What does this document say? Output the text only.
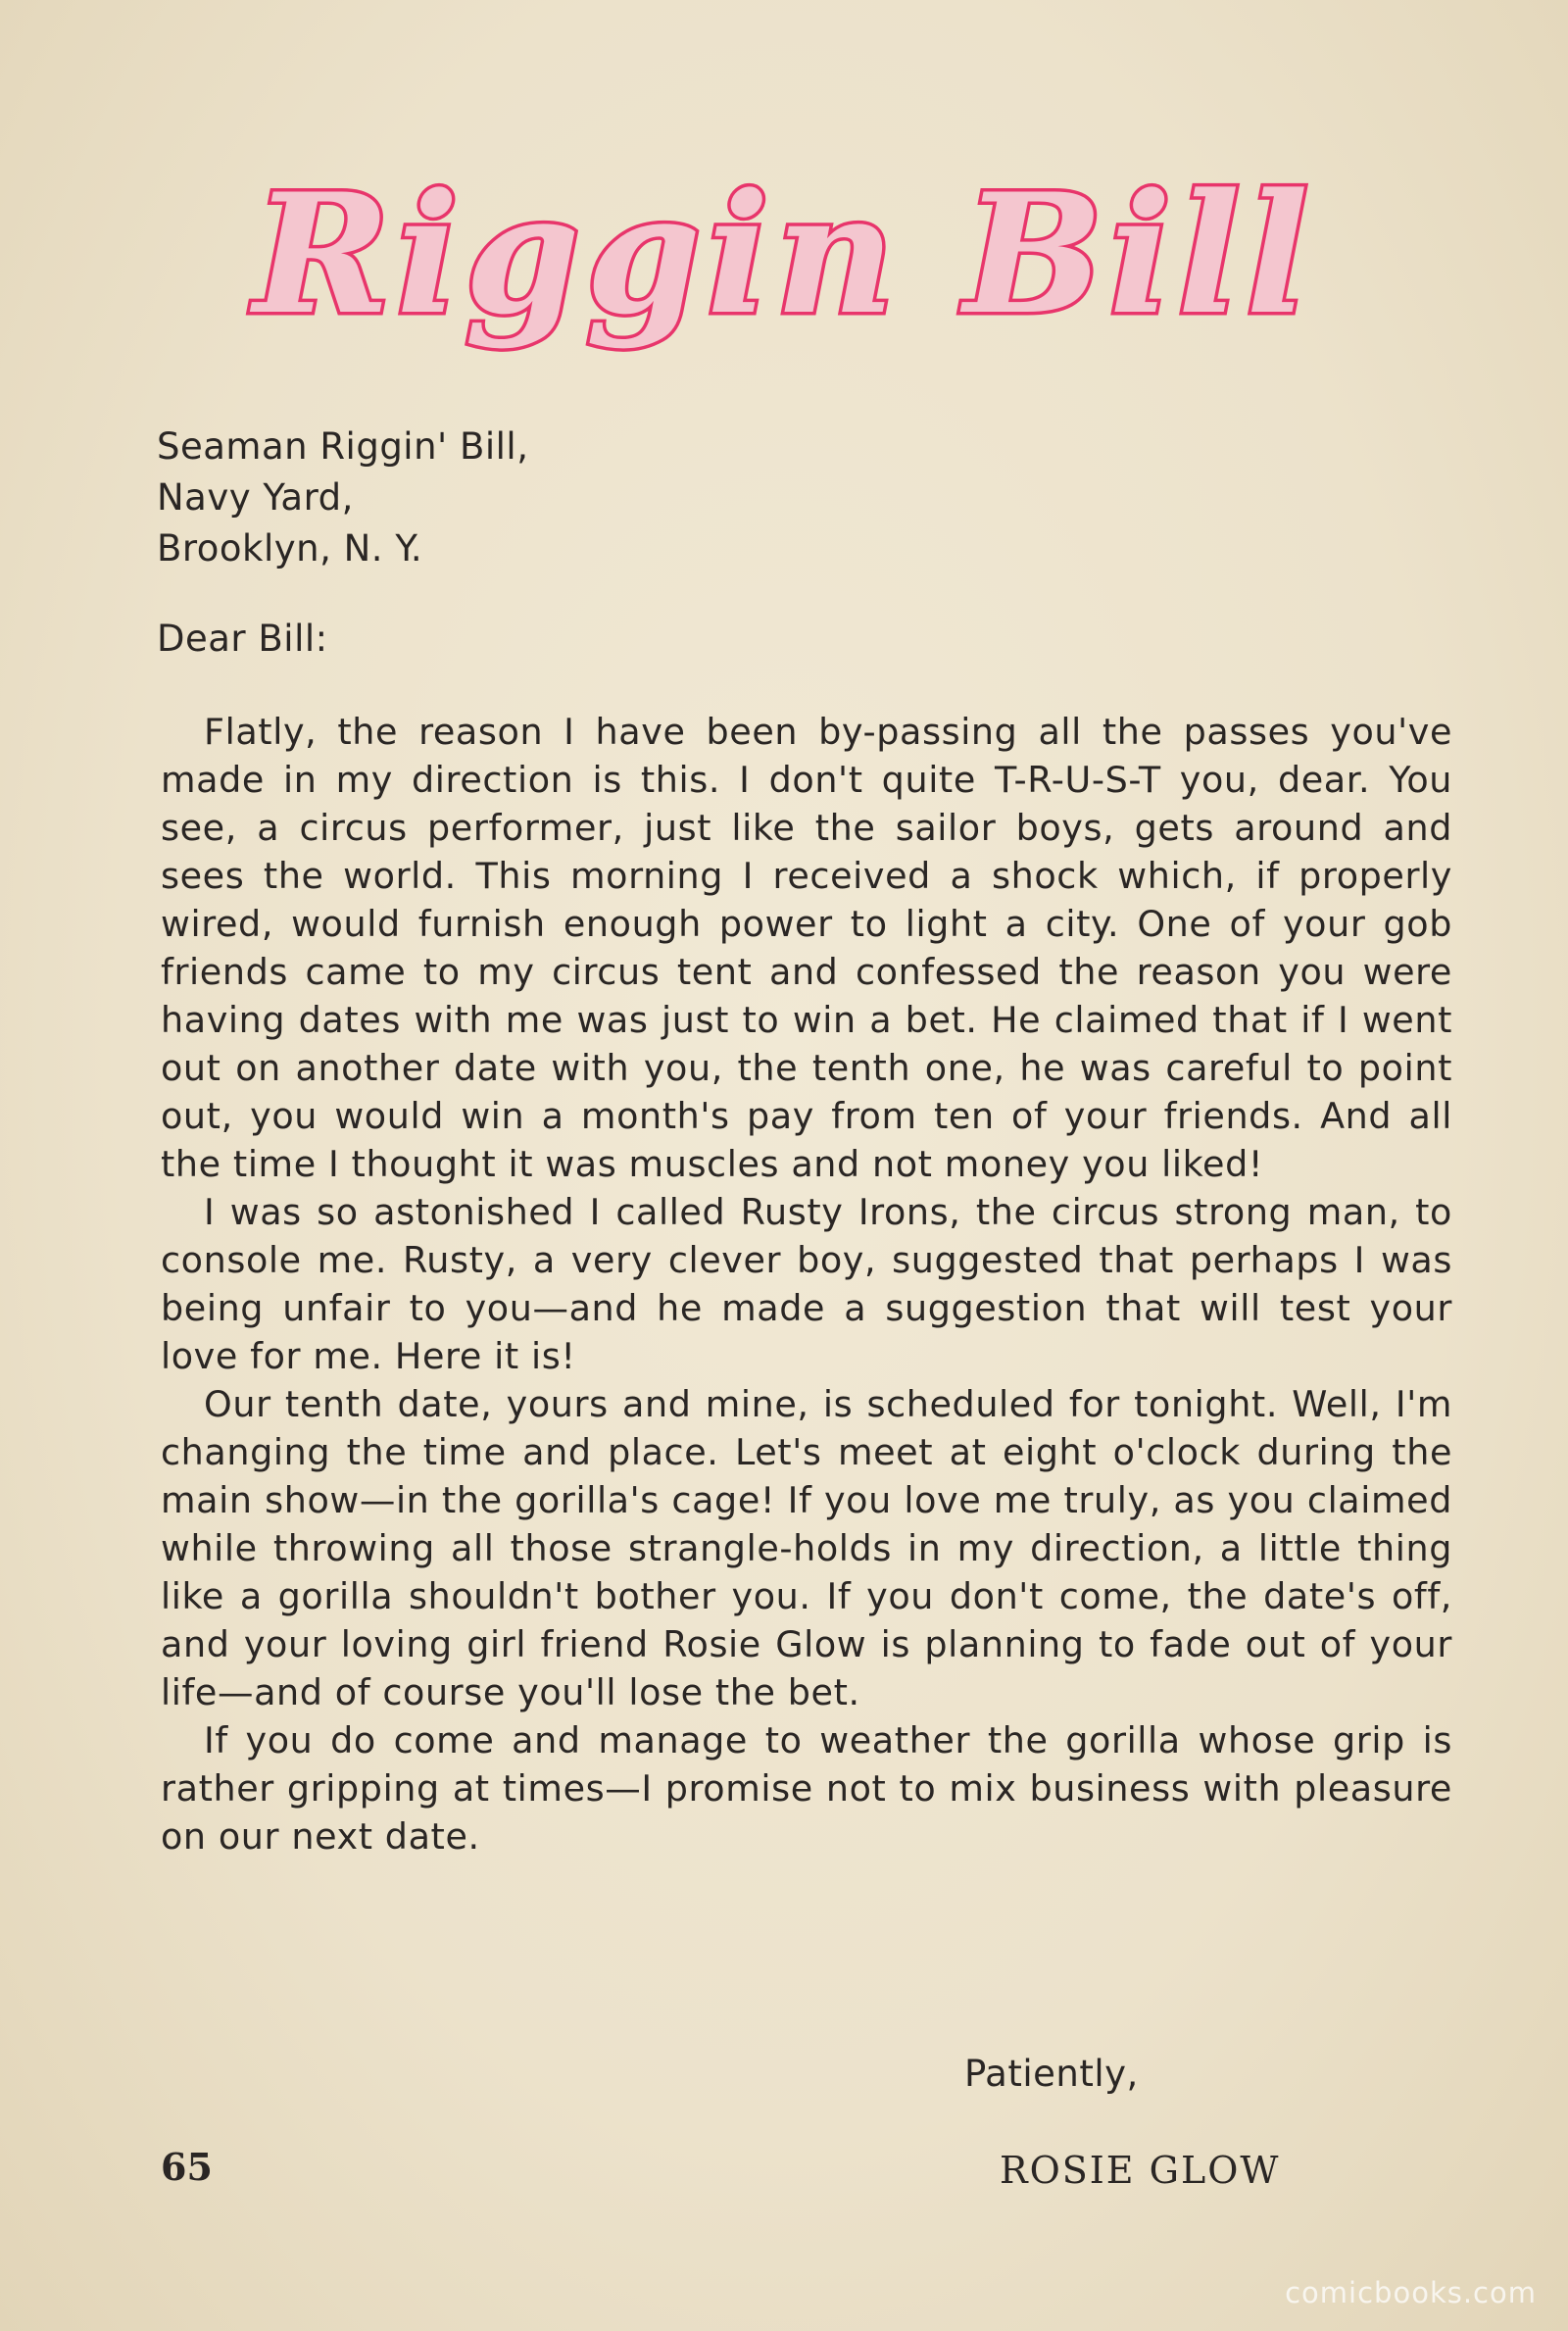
Riggin Bill
Seaman Riggin' Bill,
Navy Yard,
Brooklyn, N. Y.
Dear Bill:

Flatly, the reason I have been by-passing all the passes you've made in my direction is this. I don't quite T-R-U-S-T you, dear. You see, a circus performer, just like the sailor boys, gets around and sees the world. This morning I received a shock which, if properly wired, would furnish enough power to light a city. One of your gob friends came to my circus tent and confessed the reason you were having dates with me was just to win a bet. He claimed that if I went out on another date with you, the tenth one, he was careful to point out, you would win a month's pay from ten of your friends. And all the time I thought it was muscles and not money you liked!

I was so astonished I called Rusty Irons, the circus strong man, to console me. Rusty, a very clever boy, suggested that perhaps I was being unfair to you—and he made a suggestion that will test your love for me. Here it is!

Our tenth date, yours and mine, is scheduled for tonight. Well, I'm changing the time and place. Let's meet at eight o'clock during the main show—in the gorilla's cage! If you love me truly, as you claimed while throwing all those strangle-holds in my direction, a little thing like a gorilla shouldn't bother you. If you don't come, the date's off, and your loving girl friend Rosie Glow is planning to fade out of your life—and of course you'll lose the bet.

If you do come and manage to weather the gorilla whose grip is rather gripping at times—I promise not to mix business with pleasure on our next date.

Patiently,
ROSIE GLOW
65
comicbooks.com
